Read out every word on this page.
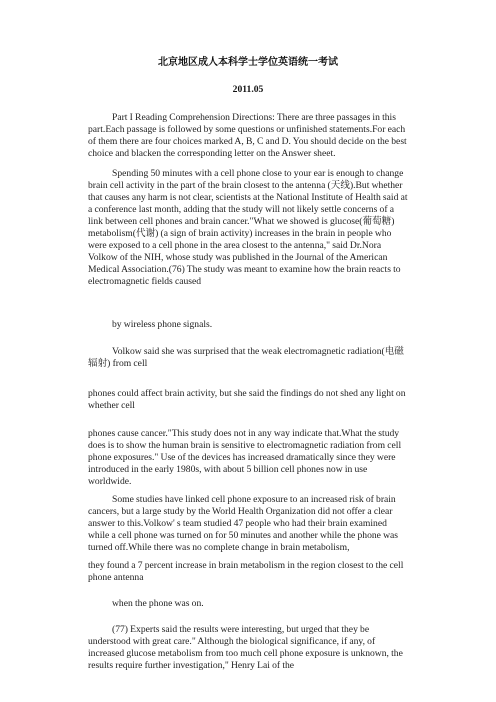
北京地区成人本科学士学位英语统一考试
2011.05

Part I Reading Comprehension Directions: There are three passages in this part.Each passage is followed by some questions or unfinished statements.For each of them there are four choices marked A, B, C and D. You should decide on the best choice and blacken the corresponding letter on the Answer sheet.

Spending 50 minutes with a cell phone close to your ear is enough to change brain cell activity in the part of the brain closest to the antenna (天线).But whether that causes any harm is not clear, scientists at the National Institute of Health said at a conference last month, adding that the study will not likely settle concerns of a link between cell phones and brain cancer."What we showed is glucose(葡萄糖) metabolism(代谢) (a sign of brain activity) increases in the brain in people who were exposed to a cell phone in the area closest to the antenna," said Dr.Nora Volkow of the NIH, whose study was published in the Journal of the American Medical Association.(76) The study was meant to examine how the brain reacts to electromagnetic fields caused

by wireless phone signals.

Volkow said she was surprised that the weak electromagnetic radiation(电磁辐射) from cell

phones could affect brain activity, but she said the findings do not shed any light on whether cell

phones cause cancer."This study does not in any way indicate that.What the study does is to show the human brain is sensitive to electromagnetic radiation from cell phone exposures." Use of the devices has increased dramatically since they were introduced in the early 1980s, with about 5 billion cell phones now in use worldwide.

Some studies have linked cell phone exposure to an increased risk of brain cancers, but a large study by the World Health Organization did not offer a clear answer to this.Volkow' s team studied 47 people who had their brain examined while a cell phone was turned on for 50 minutes and another while the phone was turned off.While there was no complete change in brain metabolism,

they found a 7 percent increase in brain metabolism in the region closest to the cell phone antenna

when the phone was on.

(77) Experts said the results were interesting, but urged that they be understood with great care." Although the biological significance, if any, of increased glucose metabolism from too much cell phone exposure is unknown, the results require further investigation," Henry Lai of the
